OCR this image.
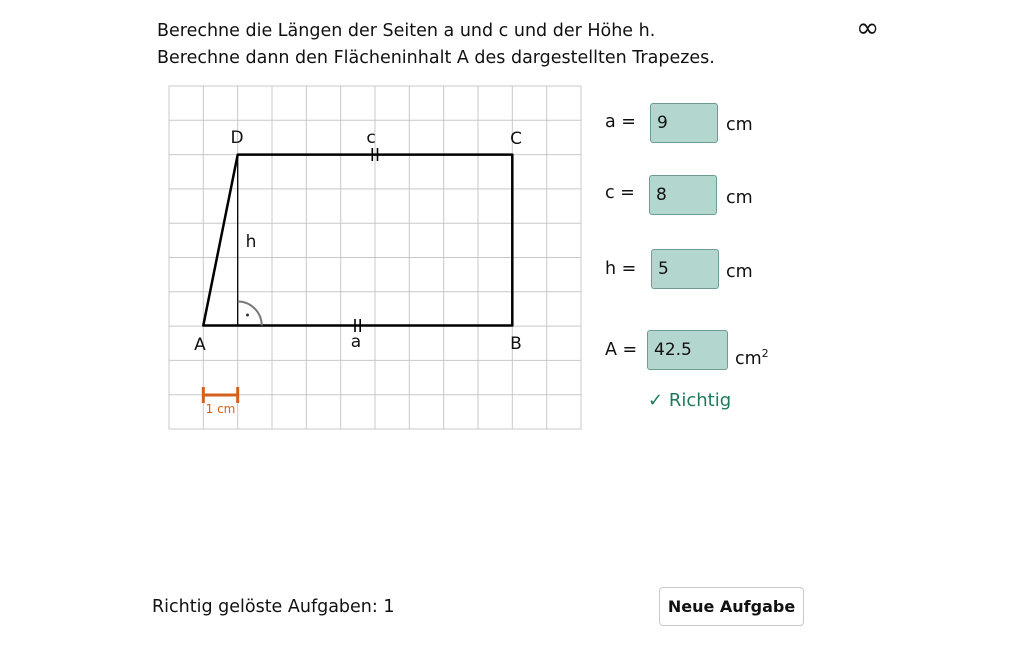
Berechne die Längen der Seiten a und c und der Höhe h.
Berechne dann den Flächeninhalt A des dargestellten Trapezes.
∞
D	C
A	B
c
a
h
1 cm
a =
9	cm
c =
8	cm
h =
5	cm
A =
42.5	$cm^2$
✓ Richtig
Richtig gelöste Aufgaben: 1	Neue Aufgabe
